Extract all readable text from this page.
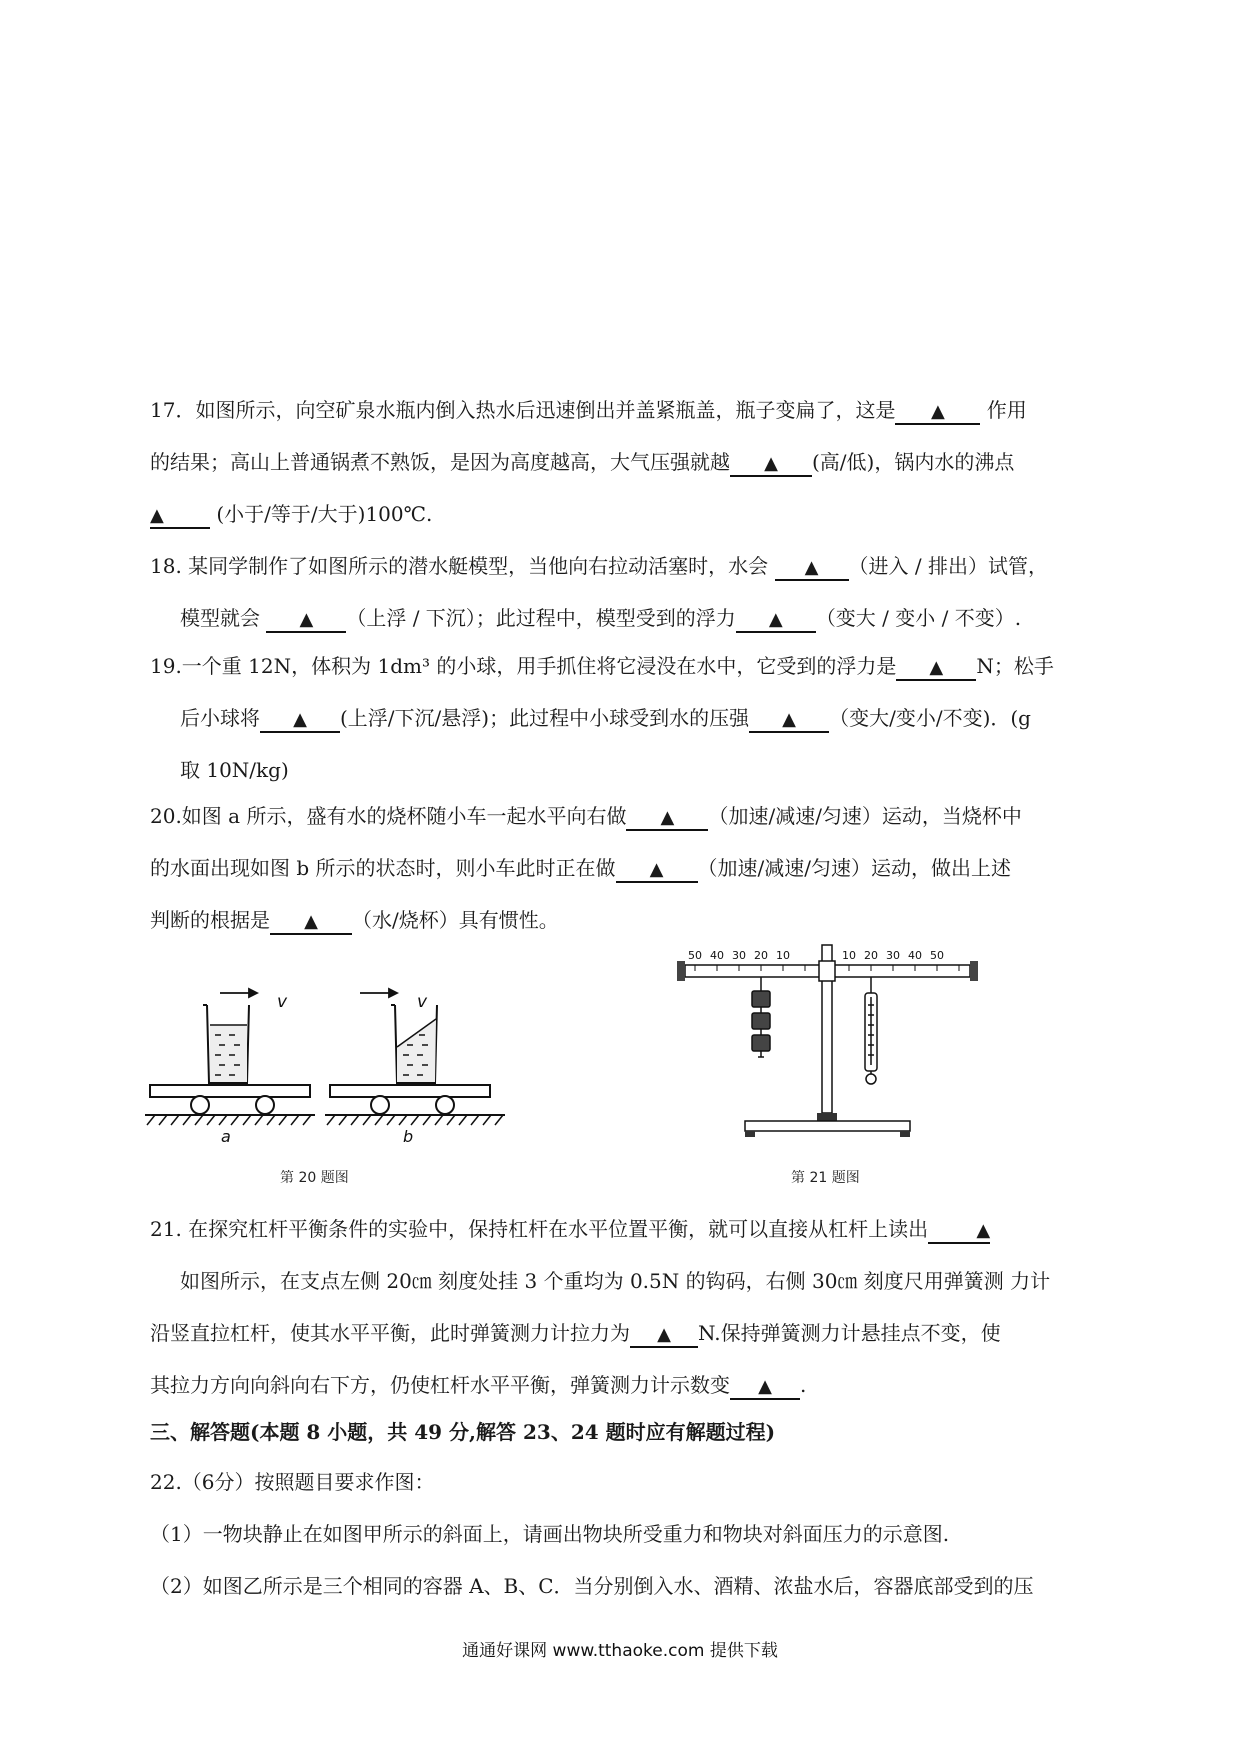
17．如图所示，向空矿泉水瓶内倒入热水后迅速倒出并盖紧瓶盖，瓶子变扁了，这是 ▲ 作用
的结果；高山上普通锅煮不熟饭，是因为高度越高，大气压强就越 ▲ (高/低)，锅内水的沸点
▲ (小于/等于/大于)100℃.
18. 某同学制作了如图所示的潜水艇模型，当他向右拉动活塞时，水会 ▲ （进入 / 排出）试管，
模型就会 ▲ （上浮 / 下沉）；此过程中，模型受到的浮力 ▲ （变大 / 变小 / 不变）.
19.一个重 12N，体积为 1dm³ 的小球，用手抓住将它浸没在水中，它受到的浮力是 ▲ N；松手
后小球将 ▲ (上浮/下沉/悬浮)；此过程中小球受到水的压强 ▲ （变大/变小/不变)．(g
取 10N/kg)
20.如图 a 所示，盛有水的烧杯随小车一起水平向右做 ▲ （加速/减速/匀速）运动，当烧杯中
的水面出现如图 b 所示的状态时，则小车此时正在做 ▲ （加速/减速/匀速）运动，做出上述
判断的根据是 ▲ （水/烧杯）具有惯性。
v
a
v
b
第 20 题图
50 40 30 20 10	10 20 30 40 50
第 21 题图
21. 在探究杠杆平衡条件的实验中，保持杠杆在水平位置平衡，就可以直接从杠杆上读出	▲
如图所示，在支点左侧 20㎝ 刻度处挂 3 个重均为 0.5N 的钩码，右侧 30㎝ 刻度尺用弹簧测 力计
沿竖直拉杠杆，使其水平平衡，此时弹簧测力计拉力为 ▲ N.保持弹簧测力计悬挂点不变，使
其拉力方向向斜向右下方，仍使杠杆水平平衡，弹簧测力计示数变 ▲ .
三、解答题(本题 8 小题，共 49 分,解答 23、24 题时应有解题过程)
22.（6分）按照题目要求作图：
（1）一物块静止在如图甲所示的斜面上，请画出物块所受重力和物块对斜面压力的示意图.
（2）如图乙所示是三个相同的容器 A、B、C．当分别倒入水、酒精、浓盐水后，容器底部受到的压
通通好课网 www.tthaoke.com 提供下载
